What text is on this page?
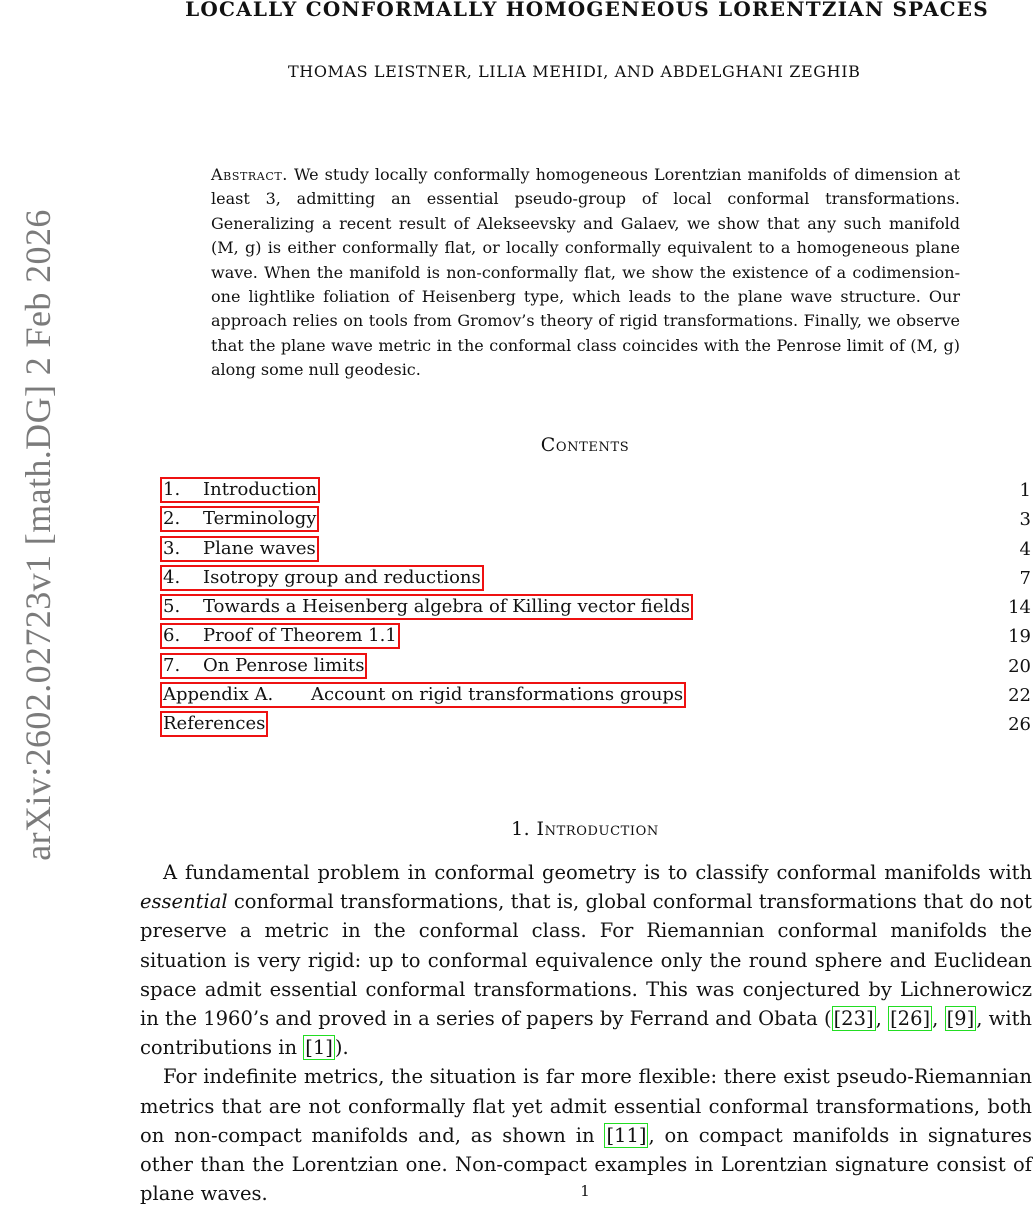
LOCALLY CONFORMALLY HOMOGENEOUS LORENTZIAN SPACES
THOMAS LEISTNER, LILIA MEHIDI, AND ABDELGHANI ZEGHIB
arXiv:2602.02723v1 [math.DG] 2 Feb 2026
Abstract. We study locally conformally homogeneous Lorentzian manifolds of dimension at least 3, admitting an essential pseudo-group of local conformal transformations. Generalizing a recent result of Alekseevsky and Galaev, we show that any such manifold (M, g) is either conformally flat, or locally conformally equivalent to a homogeneous plane wave. When the manifold is non-conformally flat, we show the existence of a codimension-one lightlike foliation of Heisenberg type, which leads to the plane wave structure. Our approach relies on tools from Gromov’s theory of rigid transformations. Finally, we observe that the plane wave metric in the conformal class coincides with the Penrose limit of (M, g) along some null geodesic.
Contents
1. Introduction	1
2. Terminology	3
3. Plane waves	4
4. Isotropy group and reductions	7
5. Towards a Heisenberg algebra of Killing vector fields	14
6. Proof of Theorem 1.1	19
7. On Penrose limits	20
Appendix A. Account on rigid transformations groups	22
References	26
1. Introduction

A fundamental problem in conformal geometry is to classify conformal manifolds with essential conformal transformations, that is, global conformal transformations that do not preserve a metric in the conformal class. For Riemannian conformal manifolds the situation is very rigid: up to conformal equivalence only the round sphere and Euclidean space admit essential conformal transformations. This was conjectured by Lichnerowicz in the 1960’s and proved in a series of papers by Ferrand and Obata ( [23] , [26] , [9] , with contributions in [1] ).

For indefinite metrics, the situation is far more flexible: there exist pseudo-Riemannian metrics that are not conformally flat yet admit essential conformal transformations, both on non-compact manifolds and, as shown in [11] , on compact manifolds in signatures other than the Lorentzian one. Non-compact examples in Lorentzian signature consist of plane waves.	1
